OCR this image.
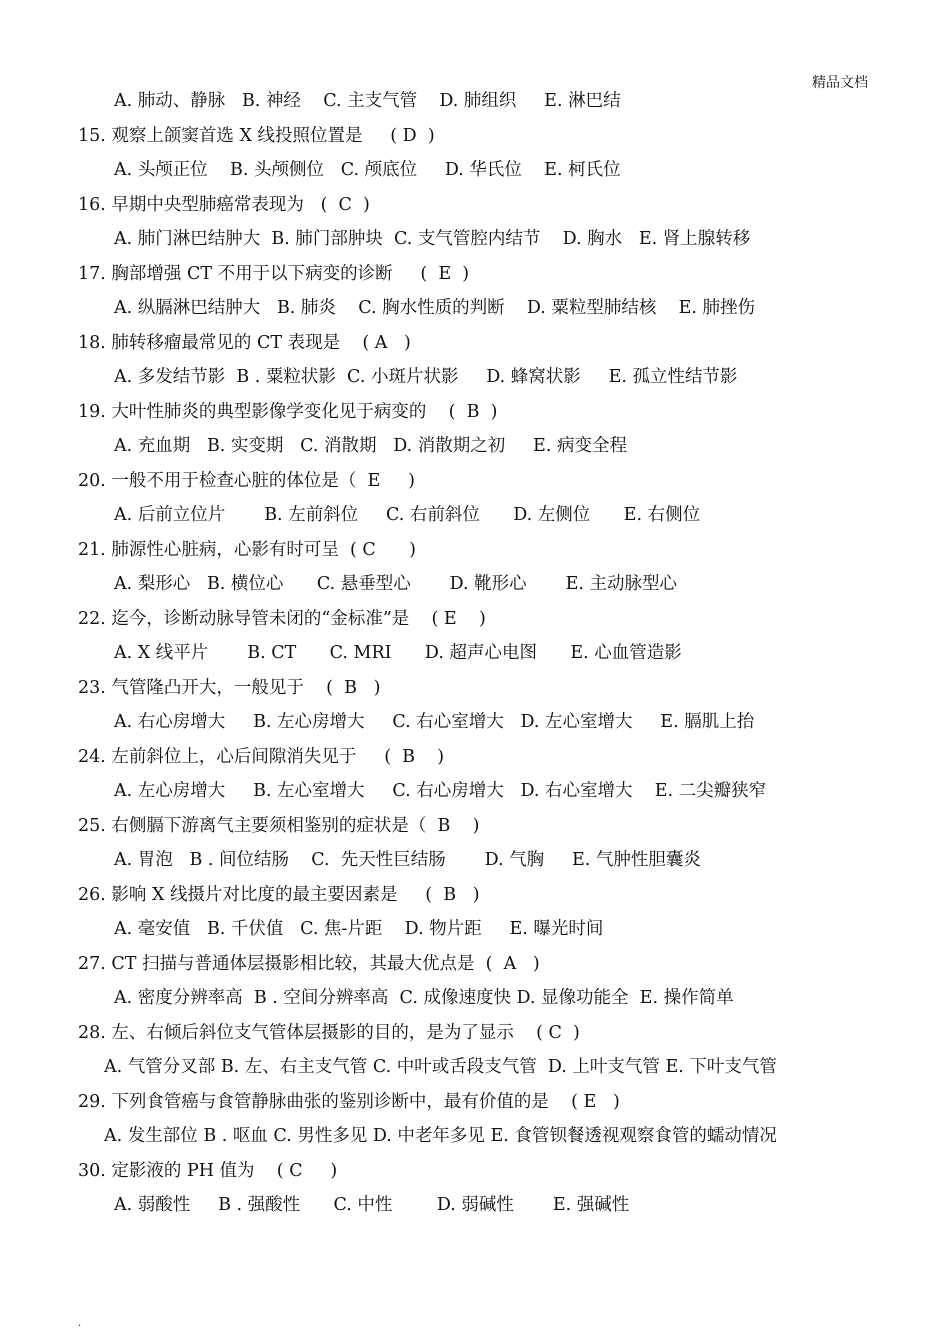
精品文档
A. 肺动、静脉   B. 神经    C. 主支气管    D. 肺组织     E. 淋巴结
15. 观察上颌窦首选 X 线投照位置是     ( D  )
A. 头颅正位    B. 头颅侧位   C. 颅底位     D. 华氏位    E. 柯氏位
16. 早期中央型肺癌常表现为   (  C  )
A. 肺门淋巴结肿大  B. 肺门部肿块  C. 支气管腔内结节    D. 胸水   E. 肾上腺转移
17. 胸部增强 CT 不用于以下病变的诊断     (  E  )
A. 纵膈淋巴结肿大   B. 肺炎    C. 胸水性质的判断    D. 粟粒型肺结核    E. 肺挫伤
18. 肺转移瘤最常见的 CT 表现是    ( A   )
A. 多发结节影  B . 粟粒状影  C. 小斑片状影     D. 蜂窝状影     E. 孤立性结节影
19. 大叶性肺炎的典型影像学变化见于病变的    (  B  )
A. 充血期   B. 实变期   C. 消散期   D. 消散期之初     E. 病变全程
20. 一般不用于检查心脏的体位是（  E     )
A. 后前立位片       B. 左前斜位     C. 右前斜位      D. 左侧位      E. 右侧位
21. 肺源性心脏病，心影有时可呈  ( C      )
A. 梨形心   B. 横位心      C. 悬垂型心       D. 靴形心       E. 主动脉型心
22. 迄今，诊断动脉导管未闭的“金标准”是    ( E    )
A. X 线平片       B. CT      C. MRI      D. 超声心电图      E. 心血管造影
23. 气管隆凸开大，一般见于    (  B   )
A. 右心房增大     B. 左心房增大     C. 右心室增大   D. 左心室增大     E. 膈肌上抬
24. 左前斜位上，心后间隙消失见于     (  B    )
A. 左心房增大     B. 左心室增大     C. 右心房增大   D. 右心室增大    E. 二尖瓣狭窄
25. 右侧膈下游离气主要须相鉴别的症状是（  B    )
A. 胃泡   B . 间位结肠    C.  先天性巨结肠       D. 气胸     E. 气肿性胆囊炎
26. 影响 X 线摄片对比度的最主要因素是     (  B   )
A. 毫安值   B. 千伏值   C. 焦-片距    D. 物片距     E. 曝光时间
27. CT 扫描与普通体层摄影相比较，其最大优点是  (  A   )
A. 密度分辨率高  B . 空间分辨率高  C. 成像速度快 D. 显像功能全  E. 操作简单
28. 左、右倾后斜位支气管体层摄影的目的，是为了显示    ( C  )
A. 气管分叉部 B. 左、右主支气管 C. 中叶或舌段支气管  D. 上叶支气管 E. 下叶支气管
29. 下列食管癌与食管静脉曲张的鉴别诊断中，最有价值的是    ( E   )
A. 发生部位 B . 呕血 C. 男性多见 D. 中老年多见 E. 食管钡餐透视观察食管的蠕动情况
30. 定影液的 PH 值为    ( C     )
A. 弱酸性     B . 强酸性      C. 中性        D. 弱碱性       E. 强碱性
.
